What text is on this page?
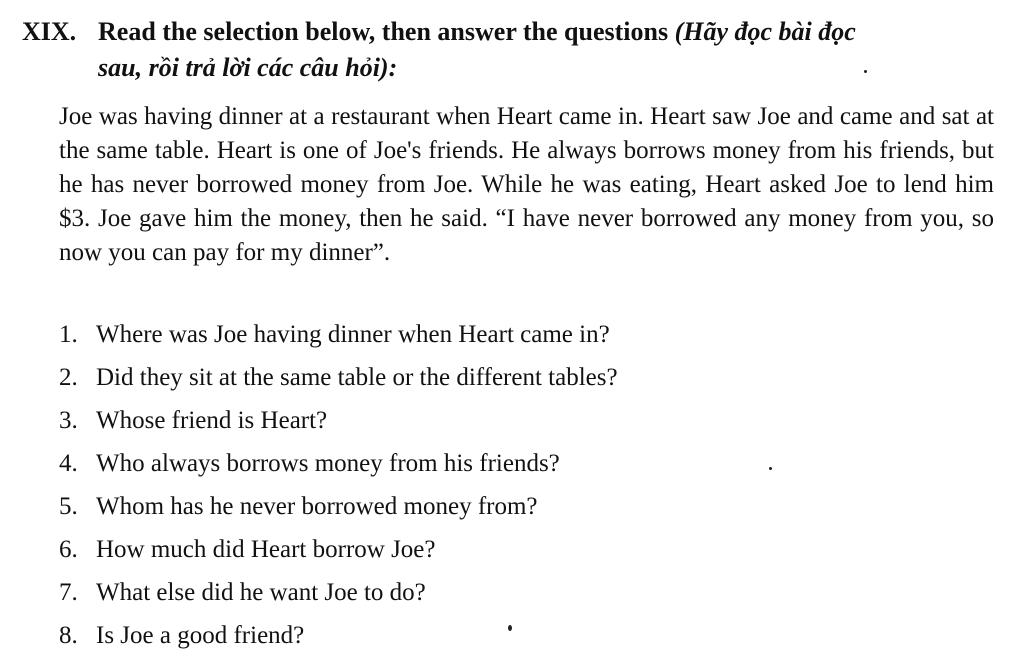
XIX. Read the selection below, then answer the questions (Hãy đọc bài đọc
sau, rồi trả lời các câu hỏi):

Joe was having dinner at a restaurant when Heart came in. Heart saw Joe and came and sat at the same table. Heart is one of Joe's friends. He always borrows money from his friends, but he has never borrowed money from Joe. While he was eating, Heart asked Joe to lend him $3. Joe gave him the money, then he said. “I have never borrowed any money from you, so now you can pay for my dinner”.

1. Where was Joe having dinner when Heart came in?
2. Did they sit at the same table or the different tables?
3. Whose friend is Heart?
4. Who always borrows money from his friends?
5. Whom has he never borrowed money from?
6. How much did Heart borrow Joe?
7. What else did he want Joe to do?
8. Is Joe a good friend?
